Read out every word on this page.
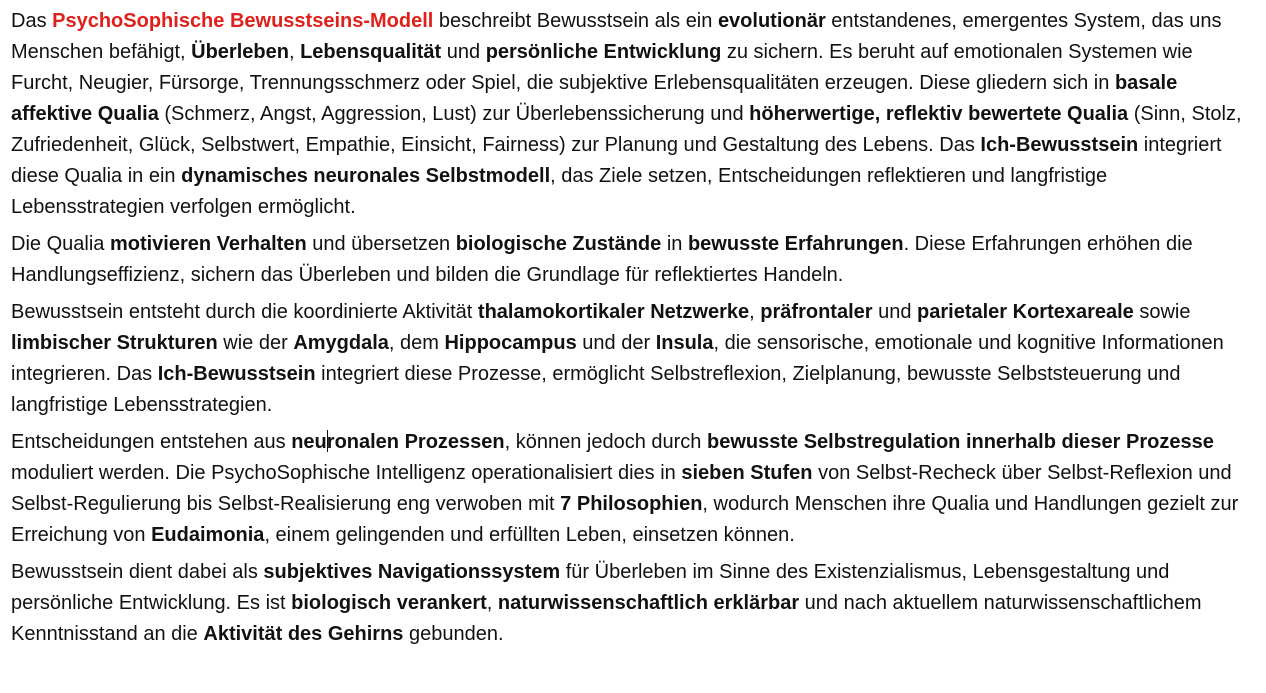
Das PsychoSophische Bewusstseins-Modell beschreibt Bewusstsein als ein evolutionär entstandenes, emergentes System, das uns Menschen befähigt, Überleben, Lebensqualität und persönliche Entwicklung zu sichern. Es beruht auf emotionalen Systemen wie Furcht, Neugier, Fürsorge, Trennungsschmerz oder Spiel, die subjektive Erlebensqualitäten erzeugen. Diese gliedern sich in basale affektive Qualia (Schmerz, Angst, Aggression, Lust) zur Überlebenssicherung und höherwertige, reflektiv bewertete Qualia (Sinn, Stolz, Zufriedenheit, Glück, Selbstwert, Empathie, Einsicht, Fairness) zur Planung und Gestaltung des Lebens. Das Ich-Bewusstsein integriert diese Qualia in ein dynamisches neuronales Selbstmodell, das Ziele setzen, Entscheidungen reflektieren und langfristige Lebensstrategien verfolgen ermöglicht.

Die Qualia motivieren Verhalten und übersetzen biologische Zustände in bewusste Erfahrungen. Diese Erfahrungen erhöhen die Handlungseffizienz, sichern das Überleben und bilden die Grundlage für reflektiertes Handeln.

Bewusstsein entsteht durch die koordinierte Aktivität thalamokortikaler Netzwerke, präfrontaler und parietaler Kortexareale sowie limbischer Strukturen wie der Amygdala, dem Hippocampus und der Insula, die sensorische, emotionale und kognitive Informationen integrieren. Das Ich-Bewusstsein integriert diese Prozesse, ermöglicht Selbstreflexion, Zielplanung, bewusste Selbststeuerung und langfristige Lebensstrategien.

Entscheidungen entstehen aus neuronalen Prozessen, können jedoch durch bewusste Selbstregulation innerhalb dieser Prozesse moduliert werden. Die PsychoSophische Intelligenz operationalisiert dies in sieben Stufen von Selbst-Recheck über Selbst-Reflexion und Selbst-Regulierung bis Selbst-Realisierung eng verwoben mit 7 Philosophien, wodurch Menschen ihre Qualia und Handlungen gezielt zur Erreichung von Eudaimonia, einem gelingenden und erfüllten Leben, einsetzen können.

Bewusstsein dient dabei als subjektives Navigationssystem für Überleben im Sinne des Existenzialismus, Lebensgestaltung und persönliche Entwicklung. Es ist biologisch verankert, naturwissenschaftlich erklärbar und nach aktuellem naturwissenschaftlichem Kenntnisstand an die Aktivität des Gehirns gebunden.
